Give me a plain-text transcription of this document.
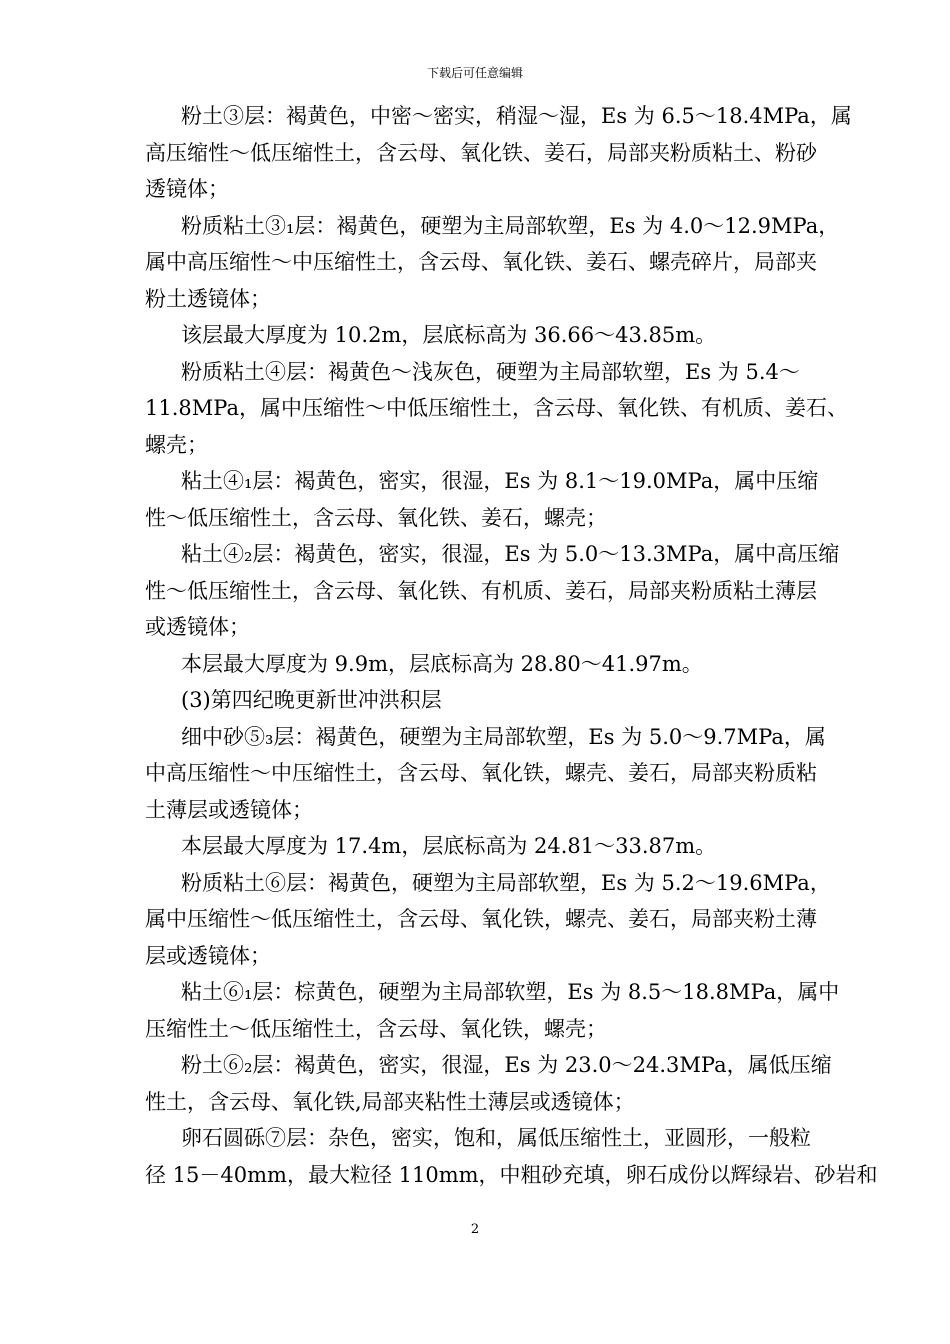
下载后可任意编辑
粉土③层：褐黄色，中密～密实，稍湿～湿，Es 为 6.5～18.4MPa，属
高压缩性～低压缩性土，含云母、氧化铁、姜石，局部夹粉质粘土、粉砂
透镜体；
粉质粘土③₁层：褐黄色，硬塑为主局部软塑，Es 为 4.0～12.9MPa，
属中高压缩性～中压缩性土，含云母、氧化铁、姜石、螺壳碎片，局部夹
粉土透镜体；
该层最大厚度为 10.2m，层底标高为 36.66～43.85m。
粉质粘土④层：褐黄色～浅灰色，硬塑为主局部软塑，Es 为 5.4～
11.8MPa，属中压缩性～中低压缩性土，含云母、氧化铁、有机质、姜石、
螺壳；
粘土④₁层：褐黄色，密实，很湿，Es 为 8.1～19.0MPa，属中压缩
性～低压缩性土，含云母、氧化铁、姜石，螺壳；
粘土④₂层：褐黄色，密实，很湿，Es 为 5.0～13.3MPa，属中高压缩
性～低压缩性土，含云母、氧化铁、有机质、姜石，局部夹粉质粘土薄层
或透镜体；
本层最大厚度为 9.9m，层底标高为 28.80～41.97m。
(3)第四纪晚更新世冲洪积层
细中砂⑤₃层：褐黄色，硬塑为主局部软塑，Es 为 5.0～9.7MPa，属
中高压缩性～中压缩性土，含云母、氧化铁，螺壳、姜石，局部夹粉质粘
土薄层或透镜体；
本层最大厚度为 17.4m，层底标高为 24.81～33.87m。
粉质粘土⑥层：褐黄色，硬塑为主局部软塑，Es 为 5.2～19.6MPa，
属中压缩性～低压缩性土，含云母、氧化铁，螺壳、姜石，局部夹粉土薄
层或透镜体；
粘土⑥₁层：棕黄色，硬塑为主局部软塑，Es 为 8.5～18.8MPa，属中
压缩性土～低压缩性土，含云母、氧化铁，螺壳；
粉土⑥₂层：褐黄色，密实，很湿，Es 为 23.0～24.3MPa，属低压缩
性土，含云母、氧化铁,局部夹粘性土薄层或透镜体；
卵石圆砾⑦层：杂色，密实，饱和，属低压缩性土，亚圆形，一般粒
径 15－40mm，最大粒径 110mm，中粗砂充填，卵石成份以辉绿岩、砂岩和
2
